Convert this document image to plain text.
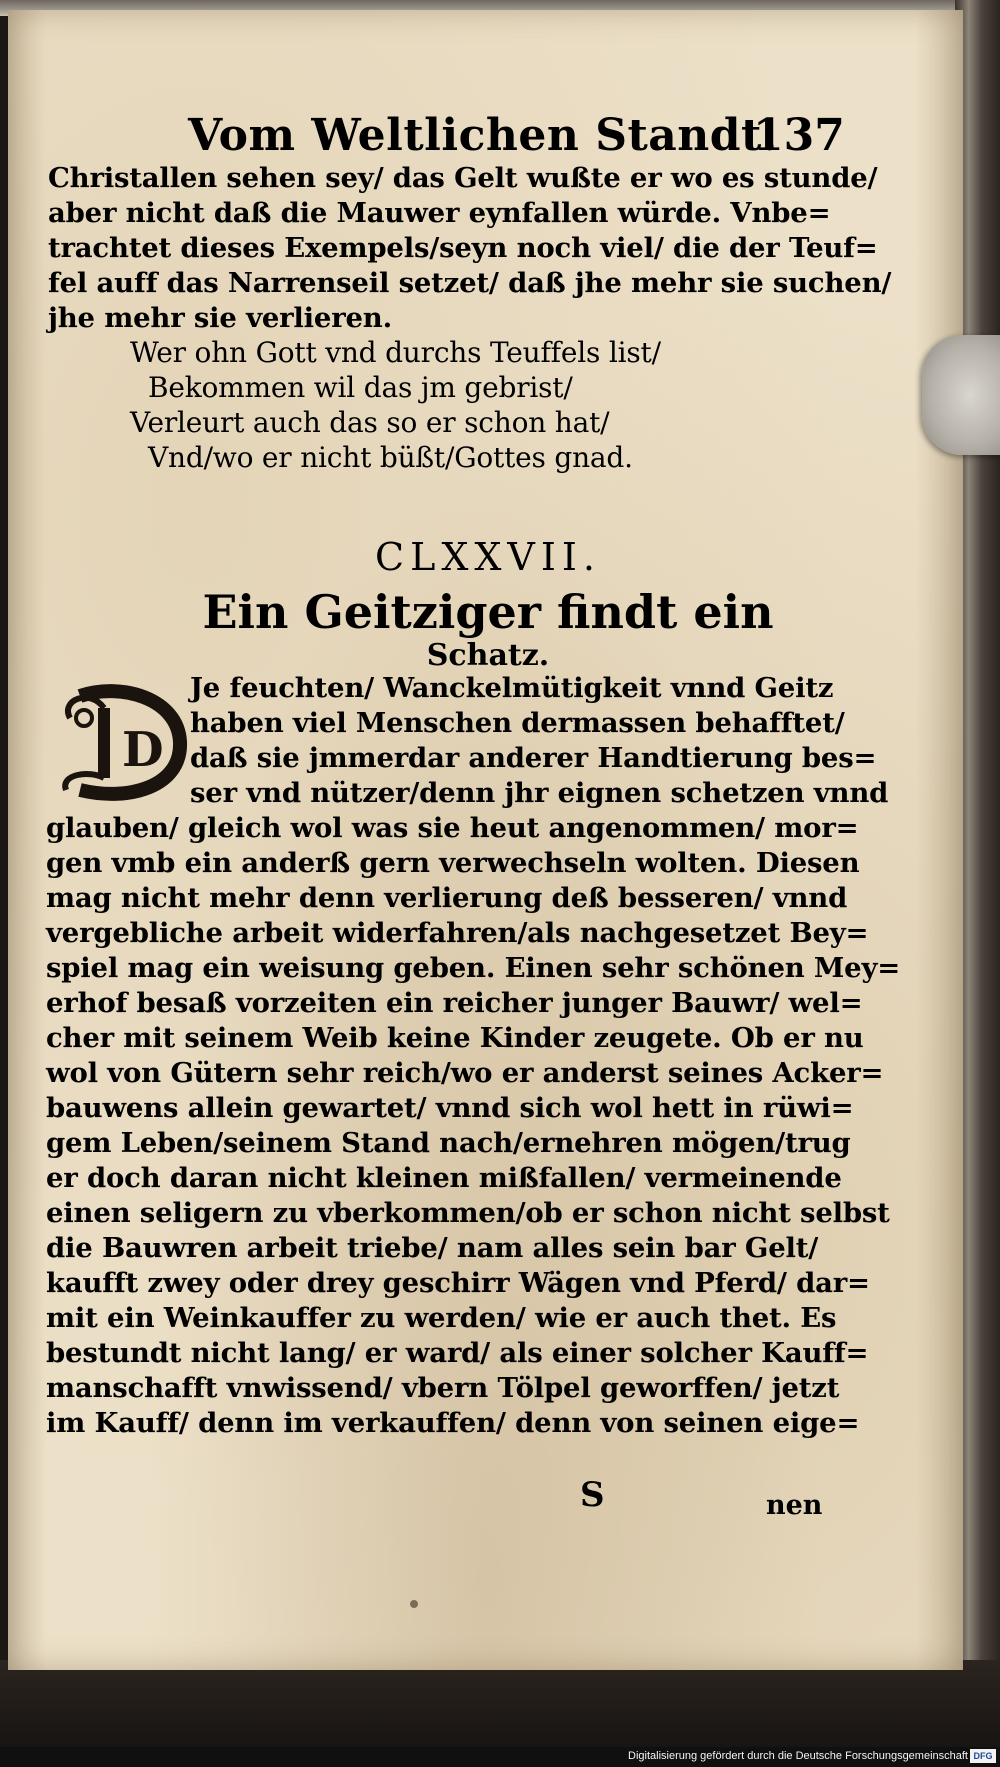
Vom Weltlichen Standt.
137
Christallen sehen sey/ das Gelt wußte er wo es stunde/
aber nicht daß die Mauwer eynfallen würde. Vnbe=
trachtet dieses Exempels/seyn noch viel/ die der Teuf=
fel auff das Narrenseil setzet/ daß jhe mehr sie suchen/
jhe mehr sie verlieren.
Wer ohn Gott vnd durchs Teuffels list/
Bekommen wil das jm gebrist/
Verleurt auch das so er schon hat/
Vnd/wo er nicht büßt/Gottes gnad.
CLXXVII.
Ein Geitziger findt ein
Schatz.
D
Je feuchten/ Wanckelmütigkeit vnnd Geitz
haben viel Menschen dermassen behafftet/
daß sie jmmerdar anderer Handtierung bes=
ser vnd nützer/denn jhr eignen schetzen vnnd
glauben/ gleich wol was sie heut angenommen/ mor=
gen vmb ein anderß gern verwechseln wolten. Diesen
mag nicht mehr denn verlierung deß besseren/ vnnd
vergebliche arbeit widerfahren/als nachgesetzet Bey=
spiel mag ein weisung geben. Einen sehr schönen Mey=
erhof besaß vorzeiten ein reicher junger Bauwr/ wel=
cher mit seinem Weib keine Kinder zeugete. Ob er nu
wol von Gütern sehr reich/wo er anderst seines Acker=
bauwens allein gewartet/ vnnd sich wol hett in rüwi=
gem Leben/seinem Stand nach/ernehren mögen/trug
er doch daran nicht kleinen mißfallen/ vermeinende
einen seligern zu vberkommen/ob er schon nicht selbst
die Bauwren arbeit triebe/ nam alles sein bar Gelt/
kaufft zwey oder drey geschirr Wägen vnd Pferd/ dar=
mit ein Weinkauffer zu werden/ wie er auch thet. Es
bestundt nicht lang/ er ward/ als einer solcher Kauff=
manschafft vnwissend/ vbern Tölpel geworffen/ jetzt
im Kauff/ denn im verkauffen/ denn von seinen eige=
S	nen
Digitalisierung gefördert durch die Deutsche Forschungsgemeinschaft DFG
